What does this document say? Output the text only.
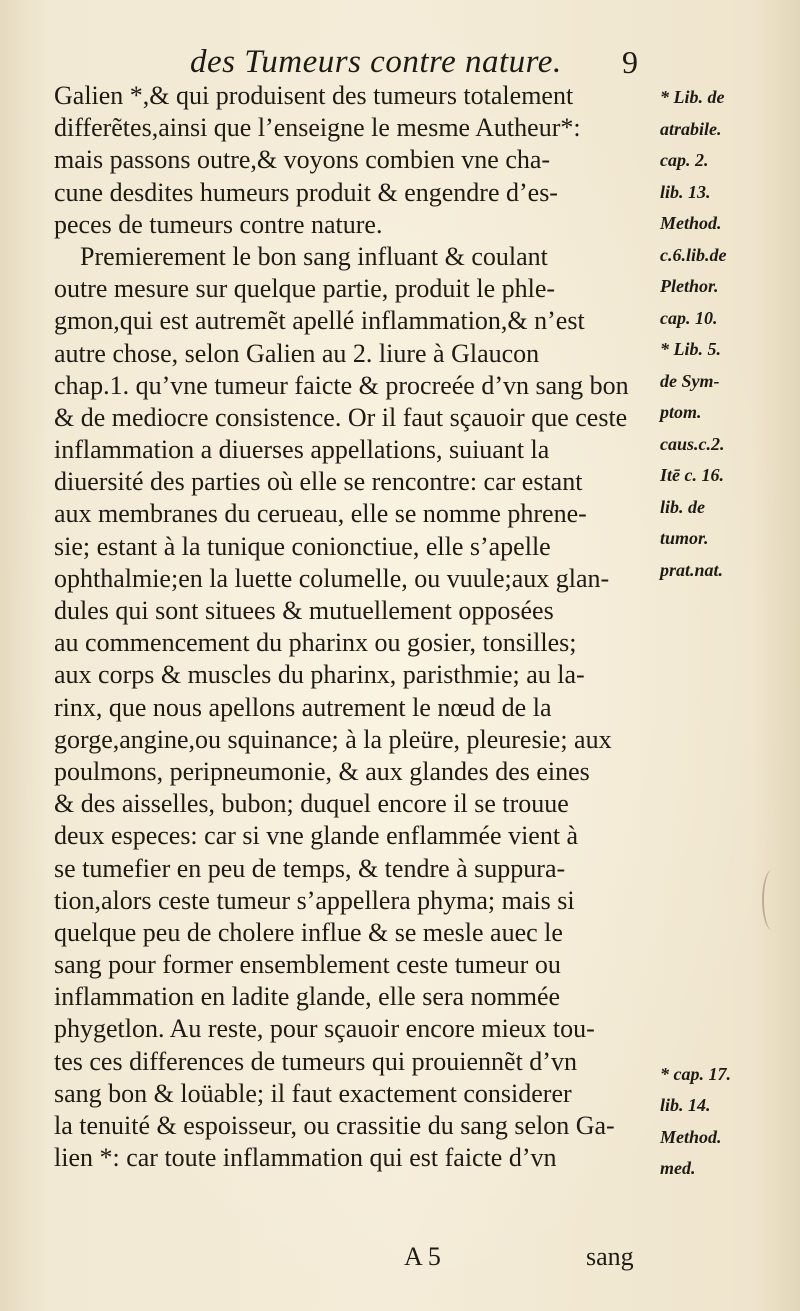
des Tumeurs contre nature. 9
Galien *,& qui produisent des tumeurs totalement
differẽtes,ainsi que l’enseigne le mesme Autheur*:
mais passons outre,& voyons combien vne cha-
cune desdites humeurs produit & engendre d’es-
peces de tumeurs contre nature.
Premierement le bon sang influant & coulant
outre mesure sur quelque partie, produit le phle-
gmon,qui est autremẽt apellé inflammation,& n’est
autre chose, selon Galien au 2. liure à Glaucon
chap.1. qu’vne tumeur faicte & procreée d’vn sang bon
& de mediocre consistence. Or il faut sçauoir que ceste
inflammation a diuerses appellations, suiuant la
diuersité des parties où elle se rencontre: car estant
aux membranes du cerueau, elle se nomme phrene-
sie; estant à la tunique conionctiue, elle s’apelle
ophthalmie;en la luette columelle, ou vuule;aux glan-
dules qui sont situees & mutuellement opposées
au commencement du pharinx ou gosier, tonsilles;
aux corps & muscles du pharinx, paristhmie; au la-
rinx, que nous apellons autrement le nœud de la
gorge,angine,ou squinance; à la pleüre, pleuresie; aux
poulmons, peripneumonie, & aux glandes des eines
& des aisselles, bubon; duquel encore il se trouue
deux especes: car si vne glande enflammée vient à
se tumefier en peu de temps, & tendre à suppura-
tion,alors ceste tumeur s’appellera phyma; mais si
quelque peu de cholere influe & se mesle auec le
sang pour former ensemblement ceste tumeur ou
inflammation en ladite glande, elle sera nommée
phygetlon. Au reste, pour sçauoir encore mieux tou-
tes ces differences de tumeurs qui prouiennẽt d’vn
sang bon & loüable; il faut exactement considerer
la tenuité & espoisseur, ou crassitie du sang selon Ga-
lien *: car toute inflammation qui est faicte d’vn
* Lib. de
atrabile.
cap. 2.
lib. 13.
Method.
c.6.lib.de
Plethor.
cap. 10.
* Lib. 5.
de Sym-
ptom.
caus.c.2.
Itē c. 16.
lib. de
tumor.
prat.nat.
* cap. 17.
lib. 14.
Method.
med.
A 5	sang
